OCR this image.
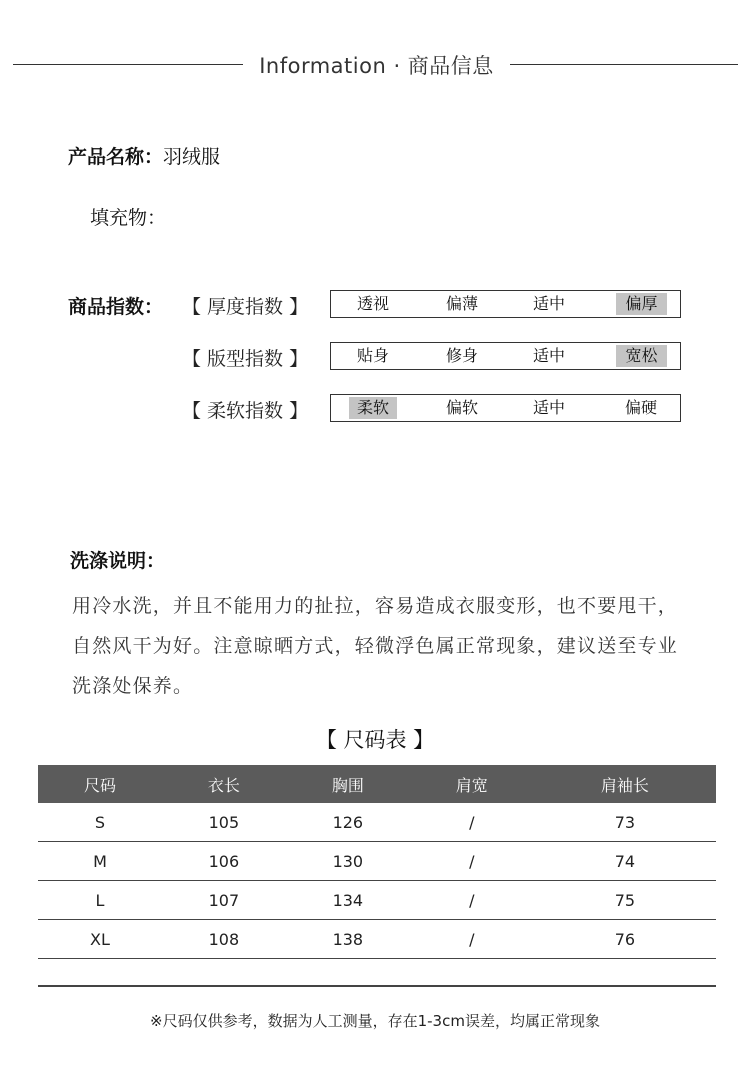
Information · 商品信息
产品名称：羽绒服
填充物：
商品指数： 【 厚度指数 】	透视	偏薄	适中	偏厚
【 版型指数 】	贴身	修身	适中	宽松
【 柔软指数 】	柔软	偏软	适中	偏硬
洗涤说明：
用冷水洗，并且不能用力的扯拉，容易造成衣服变形，也不要甩干，自然风干为好。注意晾晒方式，轻微浮色属正常现象，建议送至专业洗涤处保养。
【 尺码表 】
尺码	衣长	胸围	肩宽	肩袖长
S	105	126	/	73
M	106	130	/	74
L	107	134	/	75
XL	108	138	/	76
※尺码仅供参考，数据为人工测量，存在1-3cm误差，均属正常现象
